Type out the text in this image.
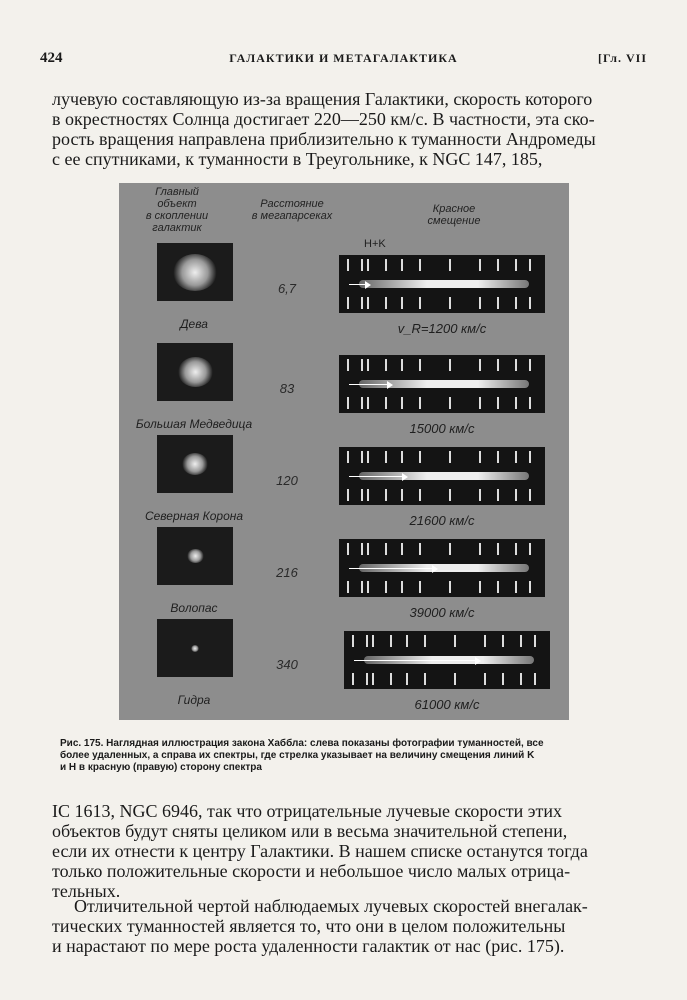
424	ГАЛАКТИКИ И МЕТАГАЛАКТИКА	[Гл. VII
лучевую составляющую из-за вращения Галактики, скорость которого
в окрестностях Солнца достигает 220—250 км/с. В частности, эта ско-
рость вращения направлена приблизительно к туманности Андромеды
с ее спутниками, к туманности в Треугольнике, к NGC 147, 185,
Главный
объект
в скоплении
галактик
Расстояние
в мегапарсеках
Красное
смещение
H+K
Дева
6,7
v_R=1200 км/с
Большая Медведица
83
15000 км/с
Северная Корона
120
21600 км/с
Волопас
216
39000 км/с
Гидра
340
61000 км/с
Рис. 175. Наглядная иллюстрация закона Хаббла: слева показаны фотографии туманностей, все
более удаленных, а справа их спектры, где стрелка указывает на величину смещения линий K
и H в красную (правую) сторону спектра
IC 1613, NGC 6946, так что отрицательные лучевые скорости этих
объектов будут сняты целиком или в весьма значительной степени,
если их отнести к центру Галактики. В нашем списке останутся тогда
только положительные скорости и небольшое число малых отрица-
тельных.
Отличительной чертой наблюдаемых лучевых скоростей внегалак-
тических туманностей является то, что они в целом положительны
и нарастают по мере роста удаленности галактик от нас (рис. 175).
